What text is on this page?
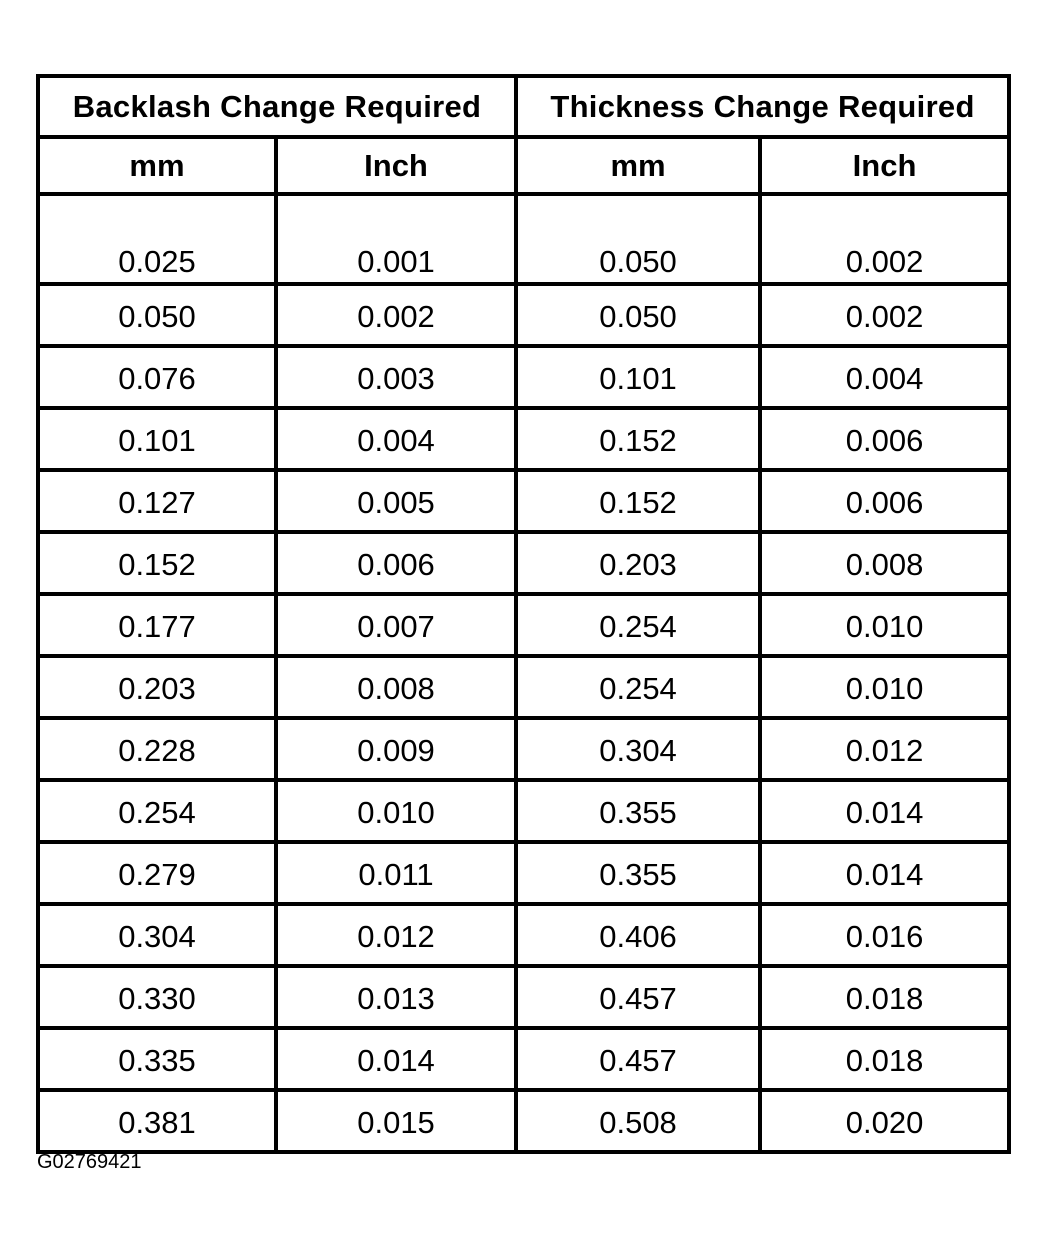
Backlash Change Required		Thickness Change Required	
mm	Inch	mm	Inch
0.025	0.001	0.050	0.002
0.050	0.002	0.050	0.002
0.076	0.003	0.101	0.004
0.101	0.004	0.152	0.006
0.127	0.005	0.152	0.006
0.152	0.006	0.203	0.008
0.177	0.007	0.254	0.010
0.203	0.008	0.254	0.010
0.228	0.009	0.304	0.012
0.254	0.010	0.355	0.014
0.279	0.011	0.355	0.014
0.304	0.012	0.406	0.016
0.330	0.013	0.457	0.018
0.335	0.014	0.457	0.018
0.381	0.015	0.508	0.020
G02769421
